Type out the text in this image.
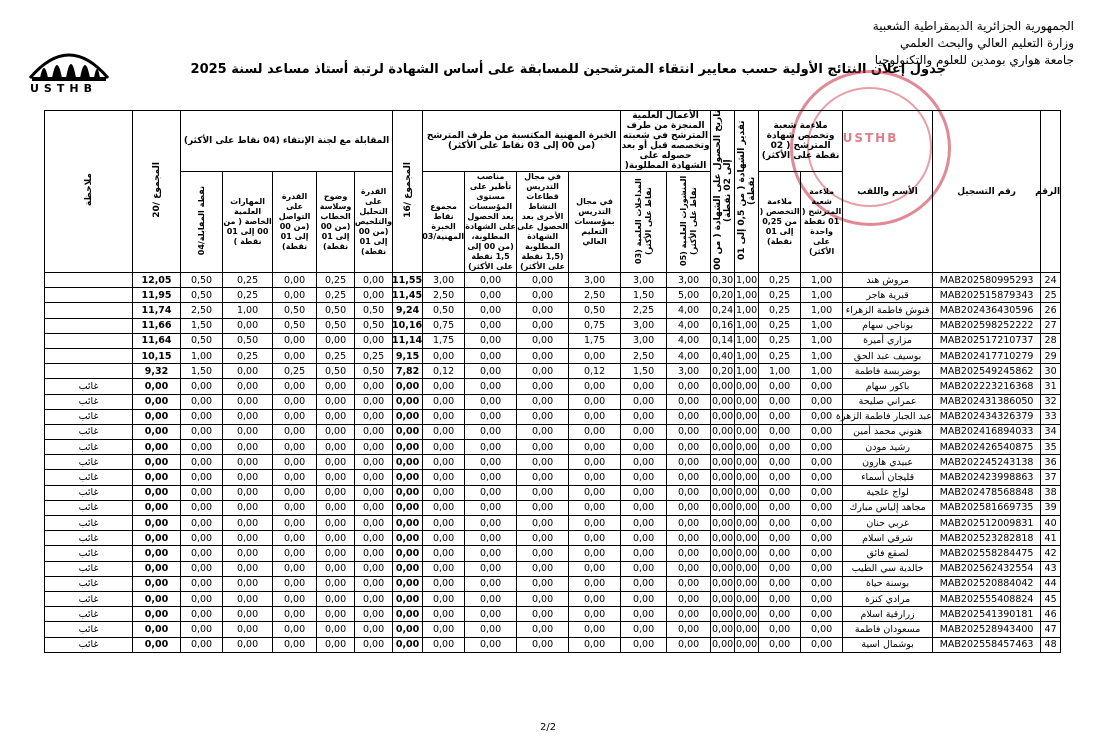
الجمهورية الجزائرية الديمقراطية الشعبية
وزارة التعليم العالي والبحث العلمي
جامعة هواري بومدين للعلوم والتكنولوجيا
USTHB
جدول إعلان النتائج الأولية حسب معايير انتقاء المترشحين للمسابقة على أساس الشهادة لرتبة أستاذ مساعد لسنة 2025
USTHB
الرقم	رقم التسجيل	الأسم واللقب	ملاءمة شعبة وتخصص شهادة المترشح ( 02 نقطة على الأكثر)		تقدير الشهادة ( من 0,5 إلى 01 نقطة)	تاريخ الحصول على الشهادة ( من 00 إلى 02 نقطة)	الأعمال العلمية المنجزة من طرف المترشح في شعبته وتخصصه قبل أو بعد حصوله على الشهادة المطلوبة(		الخبرة المهنية المكتسبة من طرف المترشح (من 00 إلى 03 نقاط على الأكثر)				المجموع /16	المقابلة مع لجنة الإنتقاء (04 نقاط على الأكثر)					المجموع /20	ملاحظة
			ملاءمة شعبة المترشح ( 01 نقطة واحدة على الأكثر)	ملاءمة التخصص ( من 0,25 إلى 01 نقطة)			المنشورات العلمية (05 نقاط على الأكثر)	المداخلات العلمية (03 نقاط على الأكثر)	في مجال التدريس بمؤسسات التعليم العالي	في مجال التدريس قطاعات النشاط الأخرى بعد الحصول على الشهادة المطلوبة (1,5 نقطة على الأكثر)	مناصب تأطير على مستوى المؤسسات بعد الحصول على الشهادة المطلوبة، (من 00 إلى 1,5 نقطة على الأكثر)	مجموع نقاط الخبرة المهنية/03		القدرة على التحليل والتلخيص (من 00 إلى 01 نقطة)	وضوح وسلاسة الخطاب (من 00 إلى 01 نقطة)	القدرة على التواصل (من 00 إلى 01 نقطة)	المهارات العلمية الخاصة ( من 00 إلى 01 نقطة )	نقطة المقابلة/04		
24	MAB202580995293	مروش هند	1,00	0,25	1,00	0,30	3,00	3,00	3,00	0,00	0,00	3,00	11,55	0,00	0,25	0,00	0,25	0,50	12,05	
25	MAB202515879343	قبرية هاجر	1,00	0,25	1,00	0,20	5,00	1,50	2,50	0,00	0,00	2,50	11,45	0,00	0,25	0,00	0,25	0,50	11,95	
26	MAB202436430596	قنوش فاطمة الزهراء	1,00	0,25	1,00	0,24	4,00	2,25	0,50	0,00	0,00	0,50	9,24	0,50	0,50	0,50	1,00	2,50	11,74	
27	MAB202598252222	بوناجي سهام	1,00	0,25	1,00	0,16	4,00	3,00	0,75	0,00	0,00	0,75	10,16	0,50	0,50	0,50	0,00	1,50	11,66	
28	MAB202517210737	مزاري أميرة	1,00	0,25	1,00	0,14	4,00	3,00	1,75	0,00	0,00	1,75	11,14	0,00	0,00	0,00	0,50	0,50	11,64	
29	MAB202417710279	بوسيف عبد الحق	1,00	0,25	1,00	0,40	4,00	2,50	0,00	0,00	0,00	0,00	9,15	0,25	0,25	0,00	0,25	1,00	10,15	
30	MAB202549245862	بوضربسة فاطمة	1,00	1,00	1,00	0,20	3,00	1,50	0,12	0,00	0,00	0,12	7,82	0,50	0,50	0,25	0,00	1,50	9,32	
31	MAB202223216368	باكور سهام	0,00	0,00	0,00	0,00	0,00	0,00	0,00	0,00	0,00	0,00	0,00	0,00	0,00	0,00	0,00	0,00	0,00	غائب
32	MAB202431386050	عمراني صليحة	0,00	0,00	0,00	0,00	0,00	0,00	0,00	0,00	0,00	0,00	0,00	0,00	0,00	0,00	0,00	0,00	0,00	غائب
33	MAB202434326379	عبد الجبار فاطمة الزهرة	0,00	0,00	0,00	0,00	0,00	0,00	0,00	0,00	0,00	0,00	0,00	0,00	0,00	0,00	0,00	0,00	0,00	غائب
34	MAB202416894033	هنوني محمد أمين	0,00	0,00	0,00	0,00	0,00	0,00	0,00	0,00	0,00	0,00	0,00	0,00	0,00	0,00	0,00	0,00	0,00	غائب
35	MAB202426540875	رشيد مودن	0,00	0,00	0,00	0,00	0,00	0,00	0,00	0,00	0,00	0,00	0,00	0,00	0,00	0,00	0,00	0,00	0,00	غائب
36	MAB202245243138	عبيدي هارون	0,00	0,00	0,00	0,00	0,00	0,00	0,00	0,00	0,00	0,00	0,00	0,00	0,00	0,00	0,00	0,00	0,00	غائب
37	MAB202423998863	قليجان أسماء	0,00	0,00	0,00	0,00	0,00	0,00	0,00	0,00	0,00	0,00	0,00	0,00	0,00	0,00	0,00	0,00	0,00	غائب
38	MAB202478568848	لواج علجية	0,00	0,00	0,00	0,00	0,00	0,00	0,00	0,00	0,00	0,00	0,00	0,00	0,00	0,00	0,00	0,00	0,00	غائب
39	MAB202581669735	مجاهد إلياس مبارك	0,00	0,00	0,00	0,00	0,00	0,00	0,00	0,00	0,00	0,00	0,00	0,00	0,00	0,00	0,00	0,00	0,00	غائب
40	MAB202512009831	غربي حنان	0,00	0,00	0,00	0,00	0,00	0,00	0,00	0,00	0,00	0,00	0,00	0,00	0,00	0,00	0,00	0,00	0,00	غائب
41	MAB202523282818	شرقي اسلام	0,00	0,00	0,00	0,00	0,00	0,00	0,00	0,00	0,00	0,00	0,00	0,00	0,00	0,00	0,00	0,00	0,00	غائب
42	MAB202558284475	لصقع فائق	0,00	0,00	0,00	0,00	0,00	0,00	0,00	0,00	0,00	0,00	0,00	0,00	0,00	0,00	0,00	0,00	0,00	غائب
43	MAB202562432554	خالدية سي الطيب	0,00	0,00	0,00	0,00	0,00	0,00	0,00	0,00	0,00	0,00	0,00	0,00	0,00	0,00	0,00	0,00	0,00	غائب
44	MAB202520884042	بوسنة حياة	0,00	0,00	0,00	0,00	0,00	0,00	0,00	0,00	0,00	0,00	0,00	0,00	0,00	0,00	0,00	0,00	0,00	غائب
45	MAB202555408824	مرادي كنزة	0,00	0,00	0,00	0,00	0,00	0,00	0,00	0,00	0,00	0,00	0,00	0,00	0,00	0,00	0,00	0,00	0,00	غائب
46	MAB202541390181	زرارقية اسلام	0,00	0,00	0,00	0,00	0,00	0,00	0,00	0,00	0,00	0,00	0,00	0,00	0,00	0,00	0,00	0,00	0,00	غائب
47	MAB202528943400	مسعودان فاطمة	0,00	0,00	0,00	0,00	0,00	0,00	0,00	0,00	0,00	0,00	0,00	0,00	0,00	0,00	0,00	0,00	0,00	غائب
48	MAB202558457463	بوشمال اسية	0,00	0,00	0,00	0,00	0,00	0,00	0,00	0,00	0,00	0,00	0,00	0,00	0,00	0,00	0,00	0,00	0,00	غائب
2/2
